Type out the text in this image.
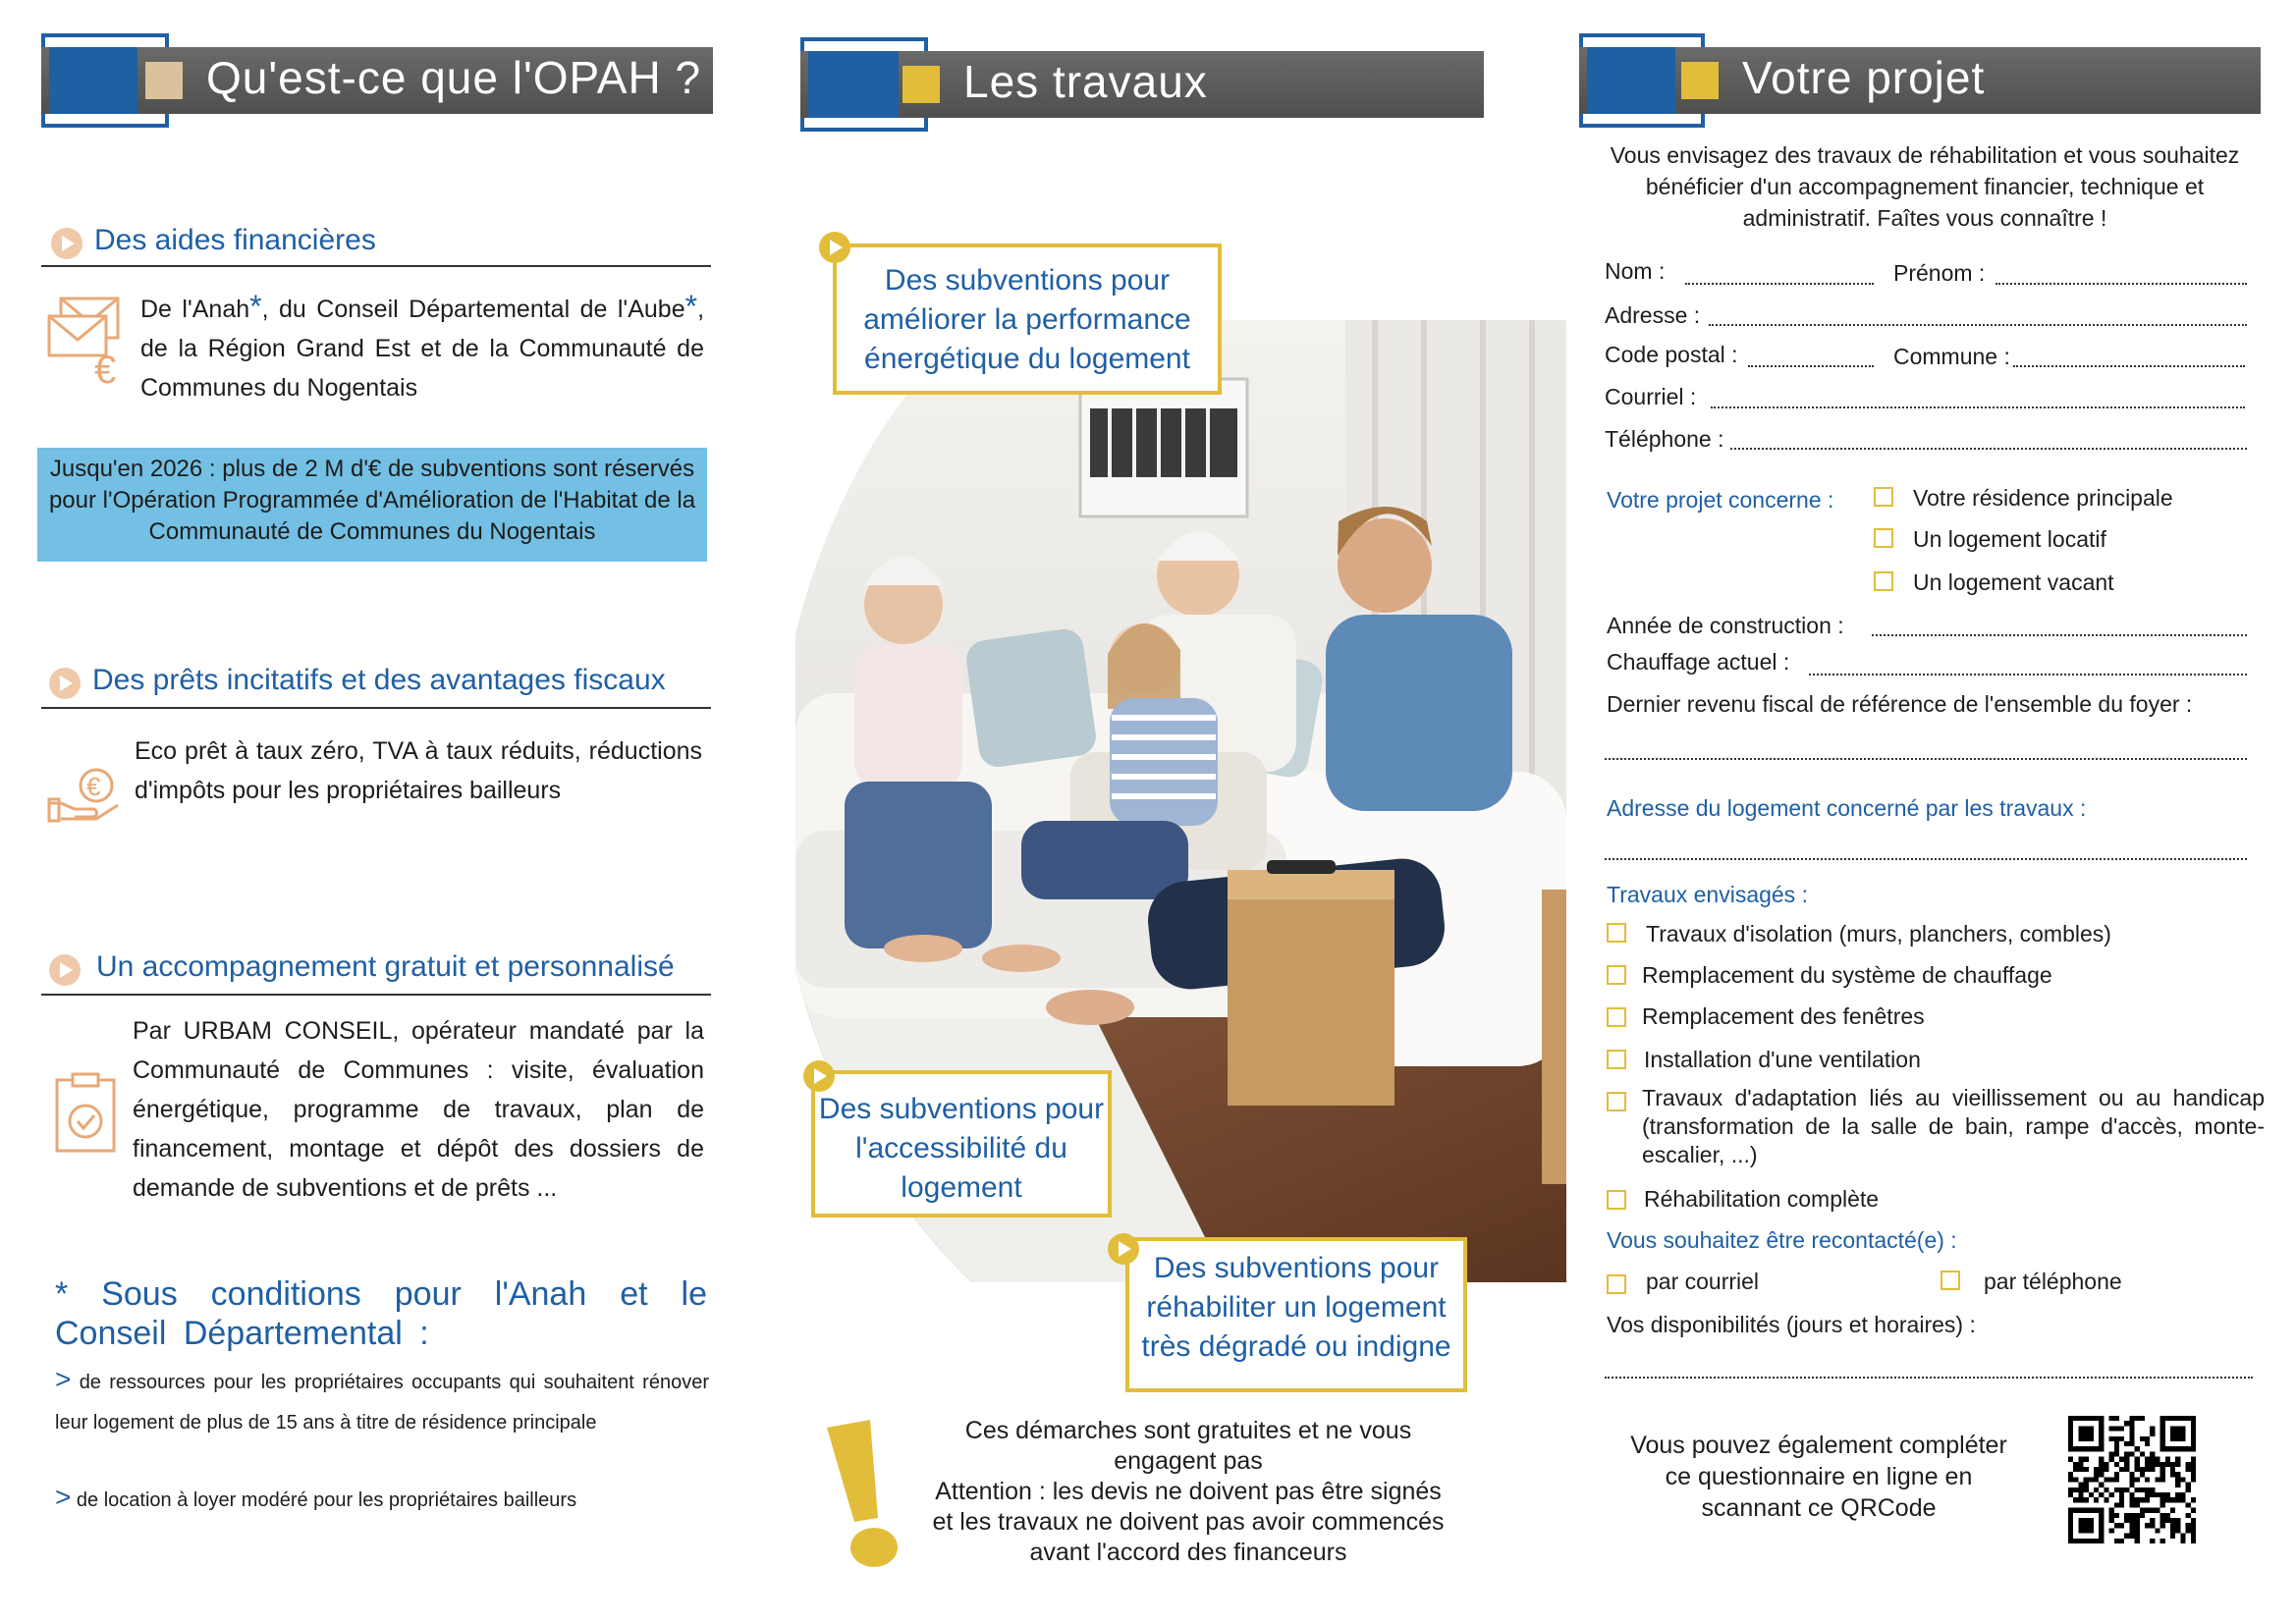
Qu'est-ce que l'OPAH ?
Des aides financières
€
De l'Anah*, du Conseil Départemental de l'Aube*, de la Région Grand Est et de la Communauté de Communes du Nogentais
Jusqu'en 2026 : plus de 2 M d'€ de subventions sont réservés pour l'Opération Programmée d'Amélioration de l'Habitat de la Communauté de Communes du Nogentais
Des prêts incitatifs et des avantages fiscaux
€
Eco prêt à taux zéro, TVA à taux réduits, réductions d'impôts pour les propriétaires bailleurs
Un accompagnement gratuit et personnalisé
Par URBAM CONSEIL, opérateur mandaté par la Communauté de Communes : visite, évaluation énergétique, programme de travaux, plan de financement, montage et dépôt des dossiers de demande de subventions et de prêts ...
* Sous conditions pour l'Anah et le Conseil Départemental :
> de ressources pour les propriétaires occupants qui souhaitent rénover leur logement de plus de 15 ans à titre de résidence principale
> de location à loyer modéré pour les propriétaires bailleurs
Les travaux
Des subventions pour améliorer la performance énergétique du logement
Des subventions pour l'accessibilité du logement
Des subventions pour réhabiliter un logement très dégradé ou indigne
Ces démarches sont gratuites et ne vous engagent pas
Attention : les devis ne doivent pas être signés et les travaux ne doivent pas avoir commencés avant l'accord des financeurs
Votre projet
Vous envisagez des travaux de réhabilitation et vous souhaitez bénéficier d'un accompagnement financier, technique et administratif. Faîtes vous connaître !
Nom :	Prénom :
Adresse :
Code postal :	Commune :
Courriel :
Téléphone :
Votre projet concerne :	Votre résidence principale
Un logement locatif
Un logement vacant
Année de construction :
Chauffage actuel :
Dernier revenu fiscal de référence de l'ensemble du foyer :
Adresse du logement concerné par les travaux :
Travaux envisagés :
Travaux d'isolation (murs, planchers, combles)
Remplacement du système de chauffage
Remplacement des fenêtres
Installation d'une ventilation
Travaux d'adaptation liés au vieillissement ou au handicap (transformation de la salle de bain, rampe d'accès, monte-escalier, ...)
Réhabilitation complète
Vous souhaitez être recontacté(e) :
par courriel	par téléphone
Vos disponibilités (jours et horaires) :
Vous pouvez également compléter ce questionnaire en ligne en scannant ce QRCode
